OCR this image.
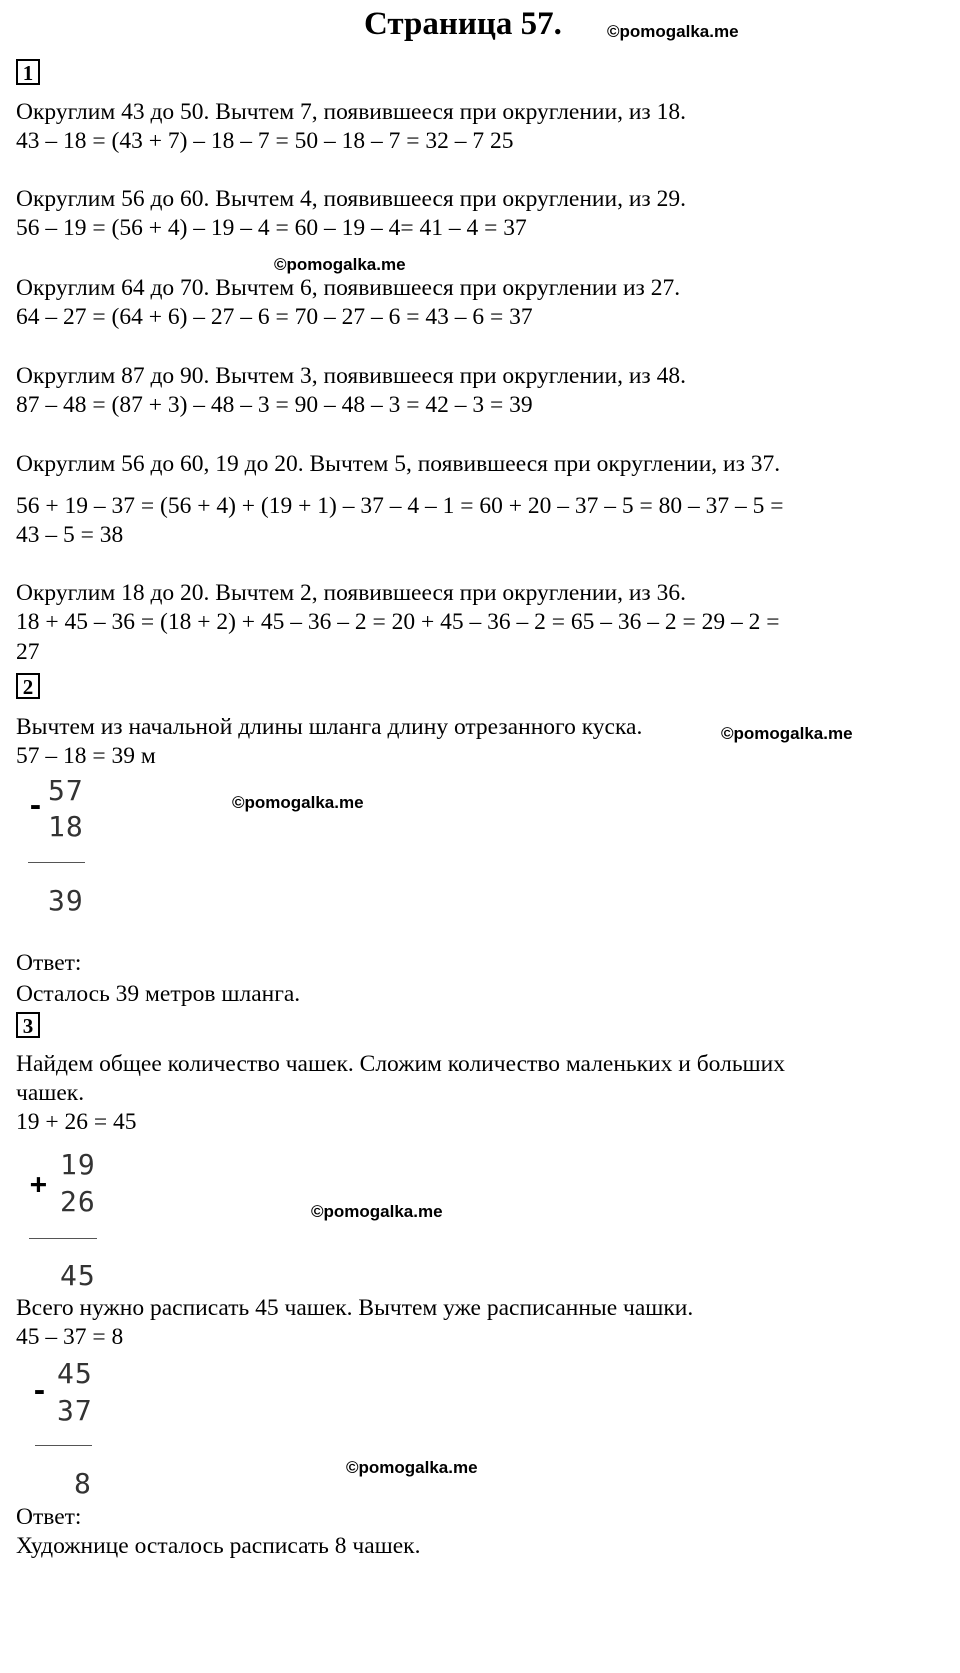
Страница 57.	©pomogalka.me
©pomogalka.me
©pomogalka.me
©pomogalka.me
©pomogalka.me
©pomogalka.me
1
Округлим 43 до 50. Вычтем 7, появившееся при округлении, из 18.
43 – 18 = (43 + 7) – 18 – 7 = 50 – 18 – 7 = 32 – 7 25
Округлим 56 до 60. Вычтем 4, появившееся при округлении, из 29.
56 – 19 = (56 + 4) – 19 – 4 = 60 – 19 – 4= 41 – 4 = 37
Округлим 64 до 70. Вычтем 6, появившееся при округлении из 27.
64 – 27 = (64 + 6) – 27 – 6 = 70 – 27 – 6 = 43 – 6 = 37
Округлим 87 до 90. Вычтем 3, появившееся при округлении, из 48.
87 – 48 = (87 + 3) – 48 – 3 = 90 – 48 – 3 = 42 – 3 = 39
Округлим 56 до 60, 19 до 20. Вычтем 5, появившееся при округлении, из 37.
56 + 19 – 37 = (56 + 4) + (19 + 1) – 37 – 4 – 1 = 60 + 20 – 37 – 5 = 80 – 37 – 5 =
43 – 5 = 38
Округлим 18 до 20. Вычтем 2, появившееся при округлении, из 36.
18 + 45 – 36 = (18 + 2) + 45 – 36 – 2 = 20 + 45 – 36 – 2 = 65 – 36 – 2 = 29 – 2 =
27
2
Вычтем из начальной длины шланга длину отрезанного куска.
57 – 18 = 39 м
- 57
18
39
Ответ:
Осталось 39 метров шланга.
3
Найдем общее количество чашек. Сложим количество маленьких и больших
чашек.
19 + 26 = 45
+
19
26
45
Всего нужно расписать 45 чашек. Вычтем уже расписанные чашки.
45 – 37 = 8
-
45
37
8
Ответ:
Художнице осталось расписать 8 чашек.
